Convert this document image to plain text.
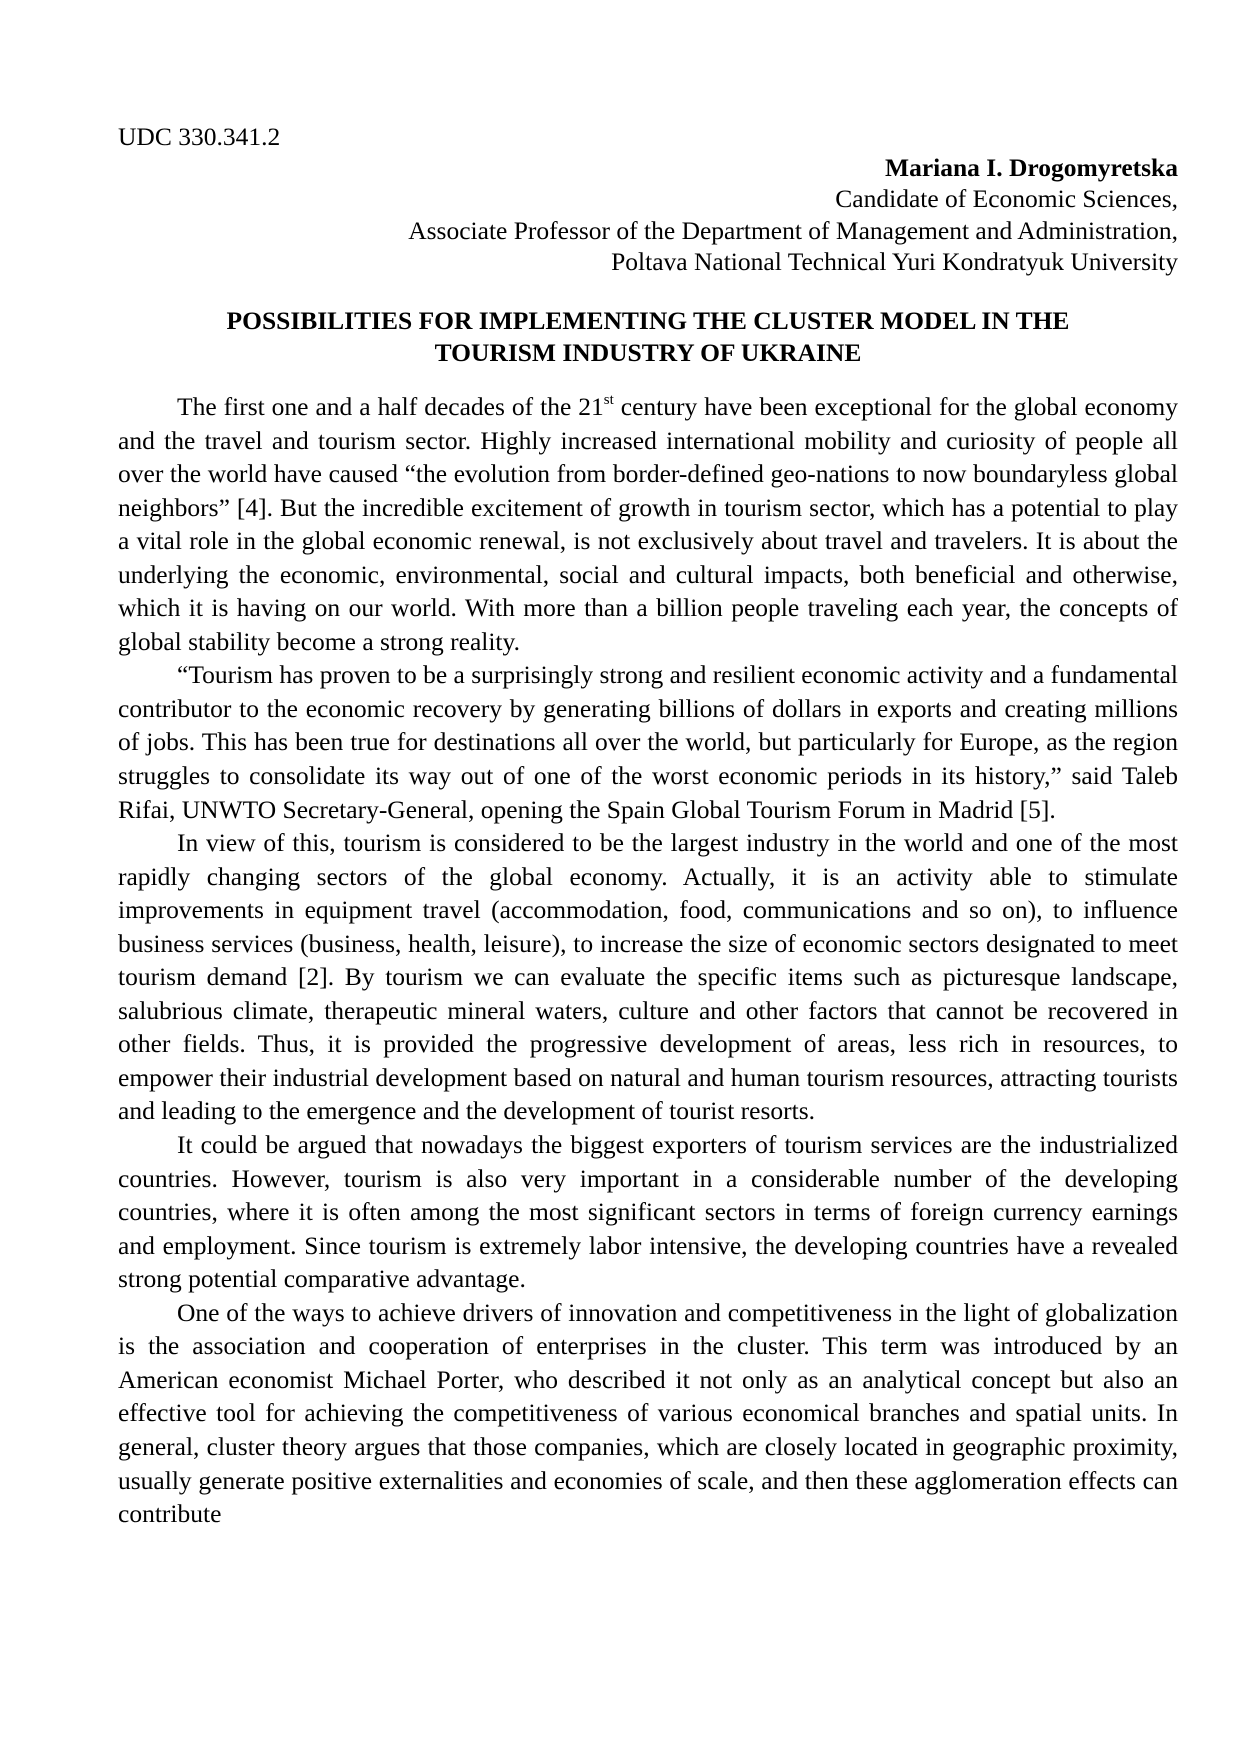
UDC 330.341.2
Mariana I. Drogomyretska
Candidate of Economic Sciences,
Associate Professor of the Department of Management and Administration,
Poltava National Technical Yuri Kondratyuk University
POSSIBILITIES FOR IMPLEMENTING THE CLUSTER MODEL IN THE
TOURISM INDUSTRY OF UKRAINE

The first one and a half decades of the 21st century have been exceptional for the global economy and the travel and tourism sector. Highly increased international mobility and curiosity of people all over the world have caused “the evolution from border-defined geo-nations to now boundaryless global neighbors” [4]. But the incredible excitement of growth in tourism sector, which has a potential to play a vital role in the global economic renewal, is not exclusively about travel and travelers. It is about the underlying the economic, environmental, social and cultural impacts, both beneficial and otherwise, which it is having on our world. With more than a billion people traveling each year, the concepts of global stability become a strong reality.

“Tourism has proven to be a surprisingly strong and resilient economic activity and a fundamental contributor to the economic recovery by generating billions of dollars in exports and creating millions of jobs. This has been true for destinations all over the world, but particularly for Europe, as the region struggles to consolidate its way out of one of the worst economic periods in its history,” said Taleb Rifai, UNWTO Secretary-General, opening the Spain Global Tourism Forum in Madrid [5].

In view of this, tourism is considered to be the largest industry in the world and one of the most rapidly changing sectors of the global economy. Actually, it is an activity able to stimulate improvements in equipment travel (accommodation, food, communications and so on), to influence business services (business, health, leisure), to increase the size of economic sectors designated to meet tourism demand [2]. By tourism we can evaluate the specific items such as picturesque landscape, salubrious climate, therapeutic mineral waters, culture and other factors that cannot be recovered in other fields. Thus, it is provided the progressive development of areas, less rich in resources, to empower their industrial development based on natural and human tourism resources, attracting tourists and leading to the emergence and the development of tourist resorts.

It could be argued that nowadays the biggest exporters of tourism services are the industrialized countries. However, tourism is also very important in a considerable number of the developing countries, where it is often among the most significant sectors in terms of foreign currency earnings and employment. Since tourism is extremely labor intensive, the developing countries have a revealed strong potential comparative advantage.

One of the ways to achieve drivers of innovation and competitiveness in the light of globalization is the association and cooperation of enterprises in the cluster. This term was introduced by an American economist Michael Porter, who described it not only as an analytical concept but also an effective tool for achieving the competitiveness of various economical branches and spatial units. In general, cluster theory argues that those companies, which are closely located in geographic proximity, usually generate positive externalities and economies of scale, and then these agglomeration effects can contribute
